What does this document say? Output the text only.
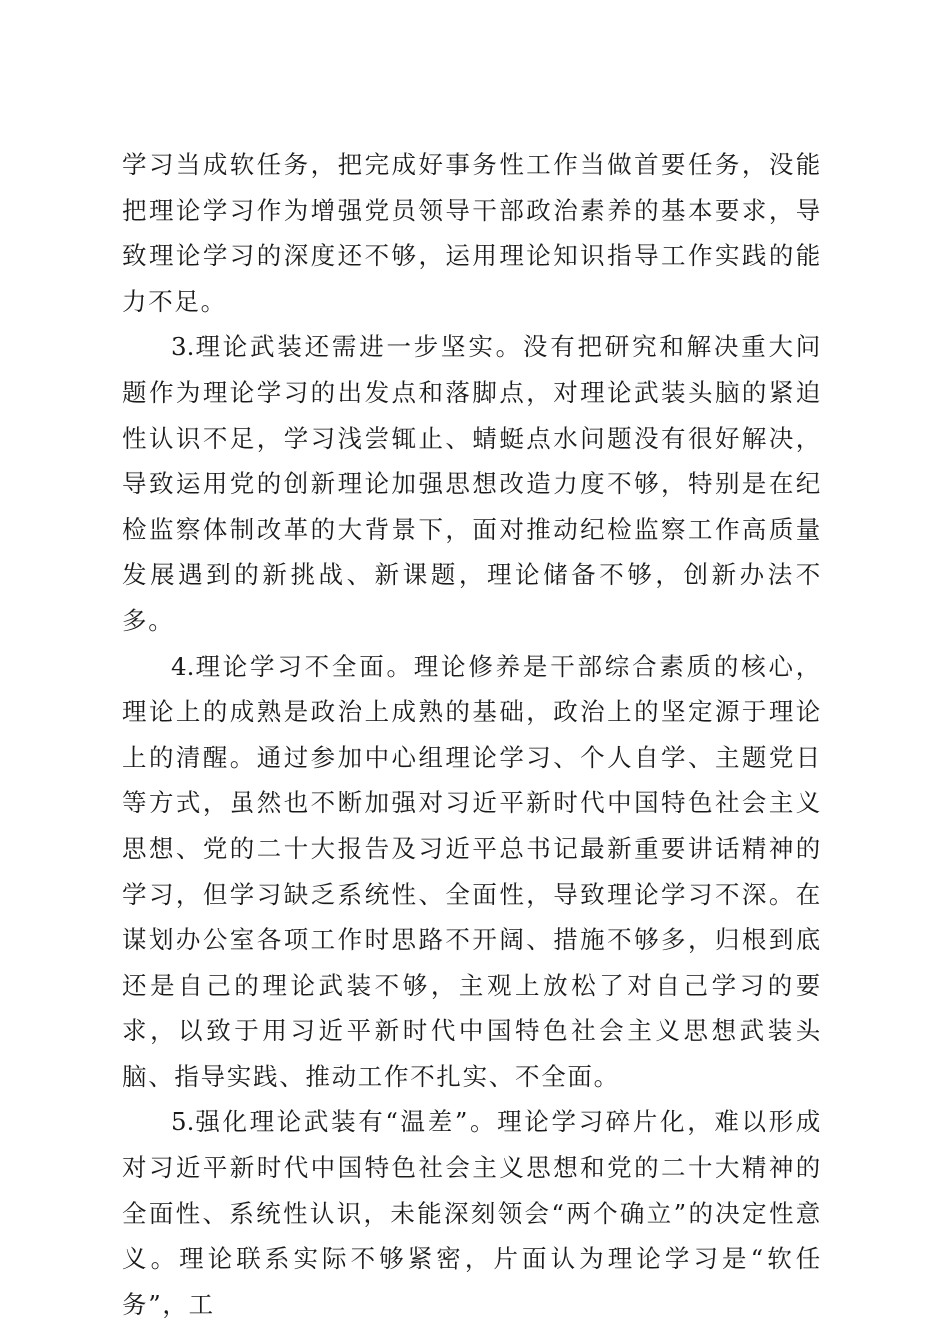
学习当成软任务，把完成好事务性工作当做首要任务，没能把理论学习作为增强党员领导干部政治素养的基本要求，导致理论学习的深度还不够，运用理论知识指导工作实践的能力不足。

3.理论武装还需进一步坚实。没有把研究和解决重大问题作为理论学习的出发点和落脚点，对理论武装头脑的紧迫性认识不足，学习浅尝辄止、蜻蜓点水问题没有很好解决，导致运用党的创新理论加强思想改造力度不够，特别是在纪检监察体制改革的大背景下，面对推动纪检监察工作高质量发展遇到的新挑战、新课题，理论储备不够，创新办法不多。

4.理论学习不全面。理论修养是干部综合素质的核心，理论上的成熟是政治上成熟的基础，政治上的坚定源于理论上的清醒。通过参加中心组理论学习、个人自学、主题党日等方式，虽然也不断加强对习近平新时代中国特色社会主义思想、党的二十大报告及习近平总书记最新重要讲话精神的学习，但学习缺乏系统性、全面性，导致理论学习不深。在谋划办公室各项工作时思路不开阔、措施不够多，归根到底还是自己的理论武装不够，主观上放松了对自己学习的要求，以致于用习近平新时代中国特色社会主义思想武装头脑、指导实践、推动工作不扎实、不全面。

5.强化理论武装有“温差”。理论学习碎片化，难以形成对习近平新时代中国特色社会主义思想和党的二十大精神的全面性、系统性认识，未能深刻领会“两个确立”的决定性意义。理论联系实际不够紧密，片面认为理论学习是“软任务”，工
